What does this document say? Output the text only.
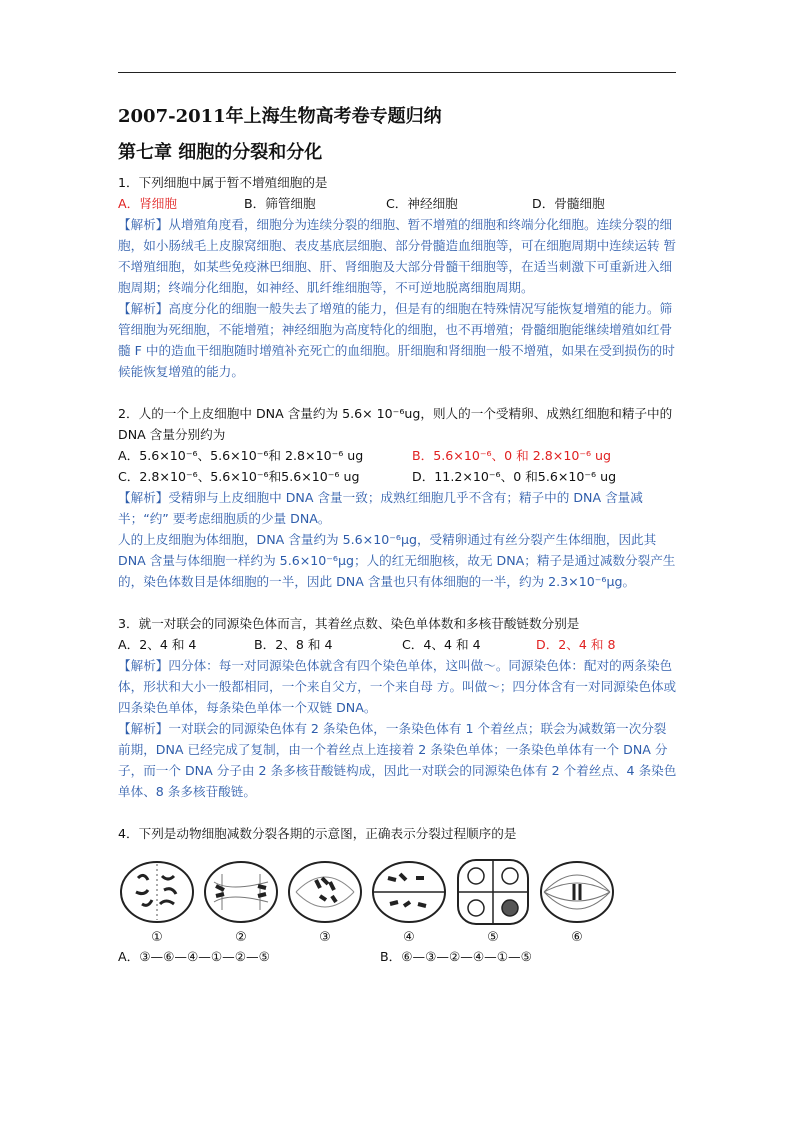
2007-2011年上海生物高考卷专题归纳
第七章 细胞的分裂和分化

1．下列细胞中属于暂不增殖细胞的是

A．肾细胞	B．筛管细胞	C．神经细胞	D．骨髓细胞

【解析】从增殖角度看，细胞分为连续分裂的细胞、暂不增殖的细胞和终端分化细胞。连续分裂的细胞，如小肠绒毛上皮腺窝细胞、表皮基底层细胞、部分骨髓造血细胞等，可在细胞周期中连续运转 暂不增殖细胞，如某些免疫淋巴细胞、肝、肾细胞及大部分骨髓干细胞等，在适当刺激下可重新进入细胞周期；终端分化细胞，如神经、肌纤维细胞等，不可逆地脱离细胞周期。

【解析】高度分化的细胞一般失去了增殖的能力，但是有的细胞在特殊情况写能恢复增殖的能力。筛管细胞为死细胞，不能增殖；神经细胞为高度特化的细胞，也不再增殖；骨髓细胞能继续增殖如红骨髓 F 中的造血干细胞随时增殖补充死亡的血细胞。肝细胞和肾细胞一般不增殖，如果在受到损伤的时候能恢复增殖的能力。

2．人的一个上皮细胞中 DNA 含量约为 5.6× 10⁻⁶ug，则人的一个受精卵、成熟红细胞和精子中的 DNA 含量分别约为

A．5.6×10⁻⁶、5.6×10⁻⁶和 2.8×10⁻⁶ ug	B．5.6×10⁻⁶、0 和 2.8×10⁻⁶ ug
C．2.8×10⁻⁶、5.6×10⁻⁶和5.6×10⁻⁶ ug	D．11.2×10⁻⁶、0 和5.6×10⁻⁶ ug

【解析】受精卵与上皮细胞中 DNA 含量一致；成熟红细胞几乎不含有；精子中的 DNA 含量减半；“约” 要考虑细胞质的少量 DNA。

人的上皮细胞为体细胞，DNA 含量约为 5.6×10⁻⁶μg，受精卵通过有丝分裂产生体细胞，因此其 DNA 含量与体细胞一样约为 5.6×10⁻⁶μg；人的红无细胞核，故无 DNA；精子是通过减数分裂产生的，染色体数目是体细胞的一半，因此 DNA 含量也只有体细胞的一半，约为 2.3×10⁻⁶μg。

3．就一对联会的同源染色体而言，其着丝点数、染色单体数和多核苷酸链数分别是

A．2、4 和 4	B．2、8 和 4	C．4、4 和 4	D．2、4 和 8

【解析】四分体：每一对同源染色体就含有四个染色单体，这叫做～。同源染色体：配对的两条染色体，形状和大小一般都相同，一个来自父方，一个来自母 方。叫做～；四分体含有一对同源染色体或四条染色单体，每条染色单体一个双链 DNA。

【解析】一对联会的同源染色体有 2 条染色体，一条染色体有 1 个着丝点；联会为减数第一次分裂前期，DNA 已经完成了复制，由一个着丝点上连接着 2 条染色单体；一条染色单体有一个 DNA 分子，而一个 DNA 分子由 2 条多核苷酸链构成，因此一对联会的同源染色体有 2 个着丝点、4 条染色单体、8 条多核苷酸链。

4．下列是动物细胞减数分裂各期的示意图，正确表示分裂过程顺序的是

①	②	③	④	⑤	⑥
A．③—⑥—④—①—②—⑤	B．⑥—③—②—④—①—⑤
